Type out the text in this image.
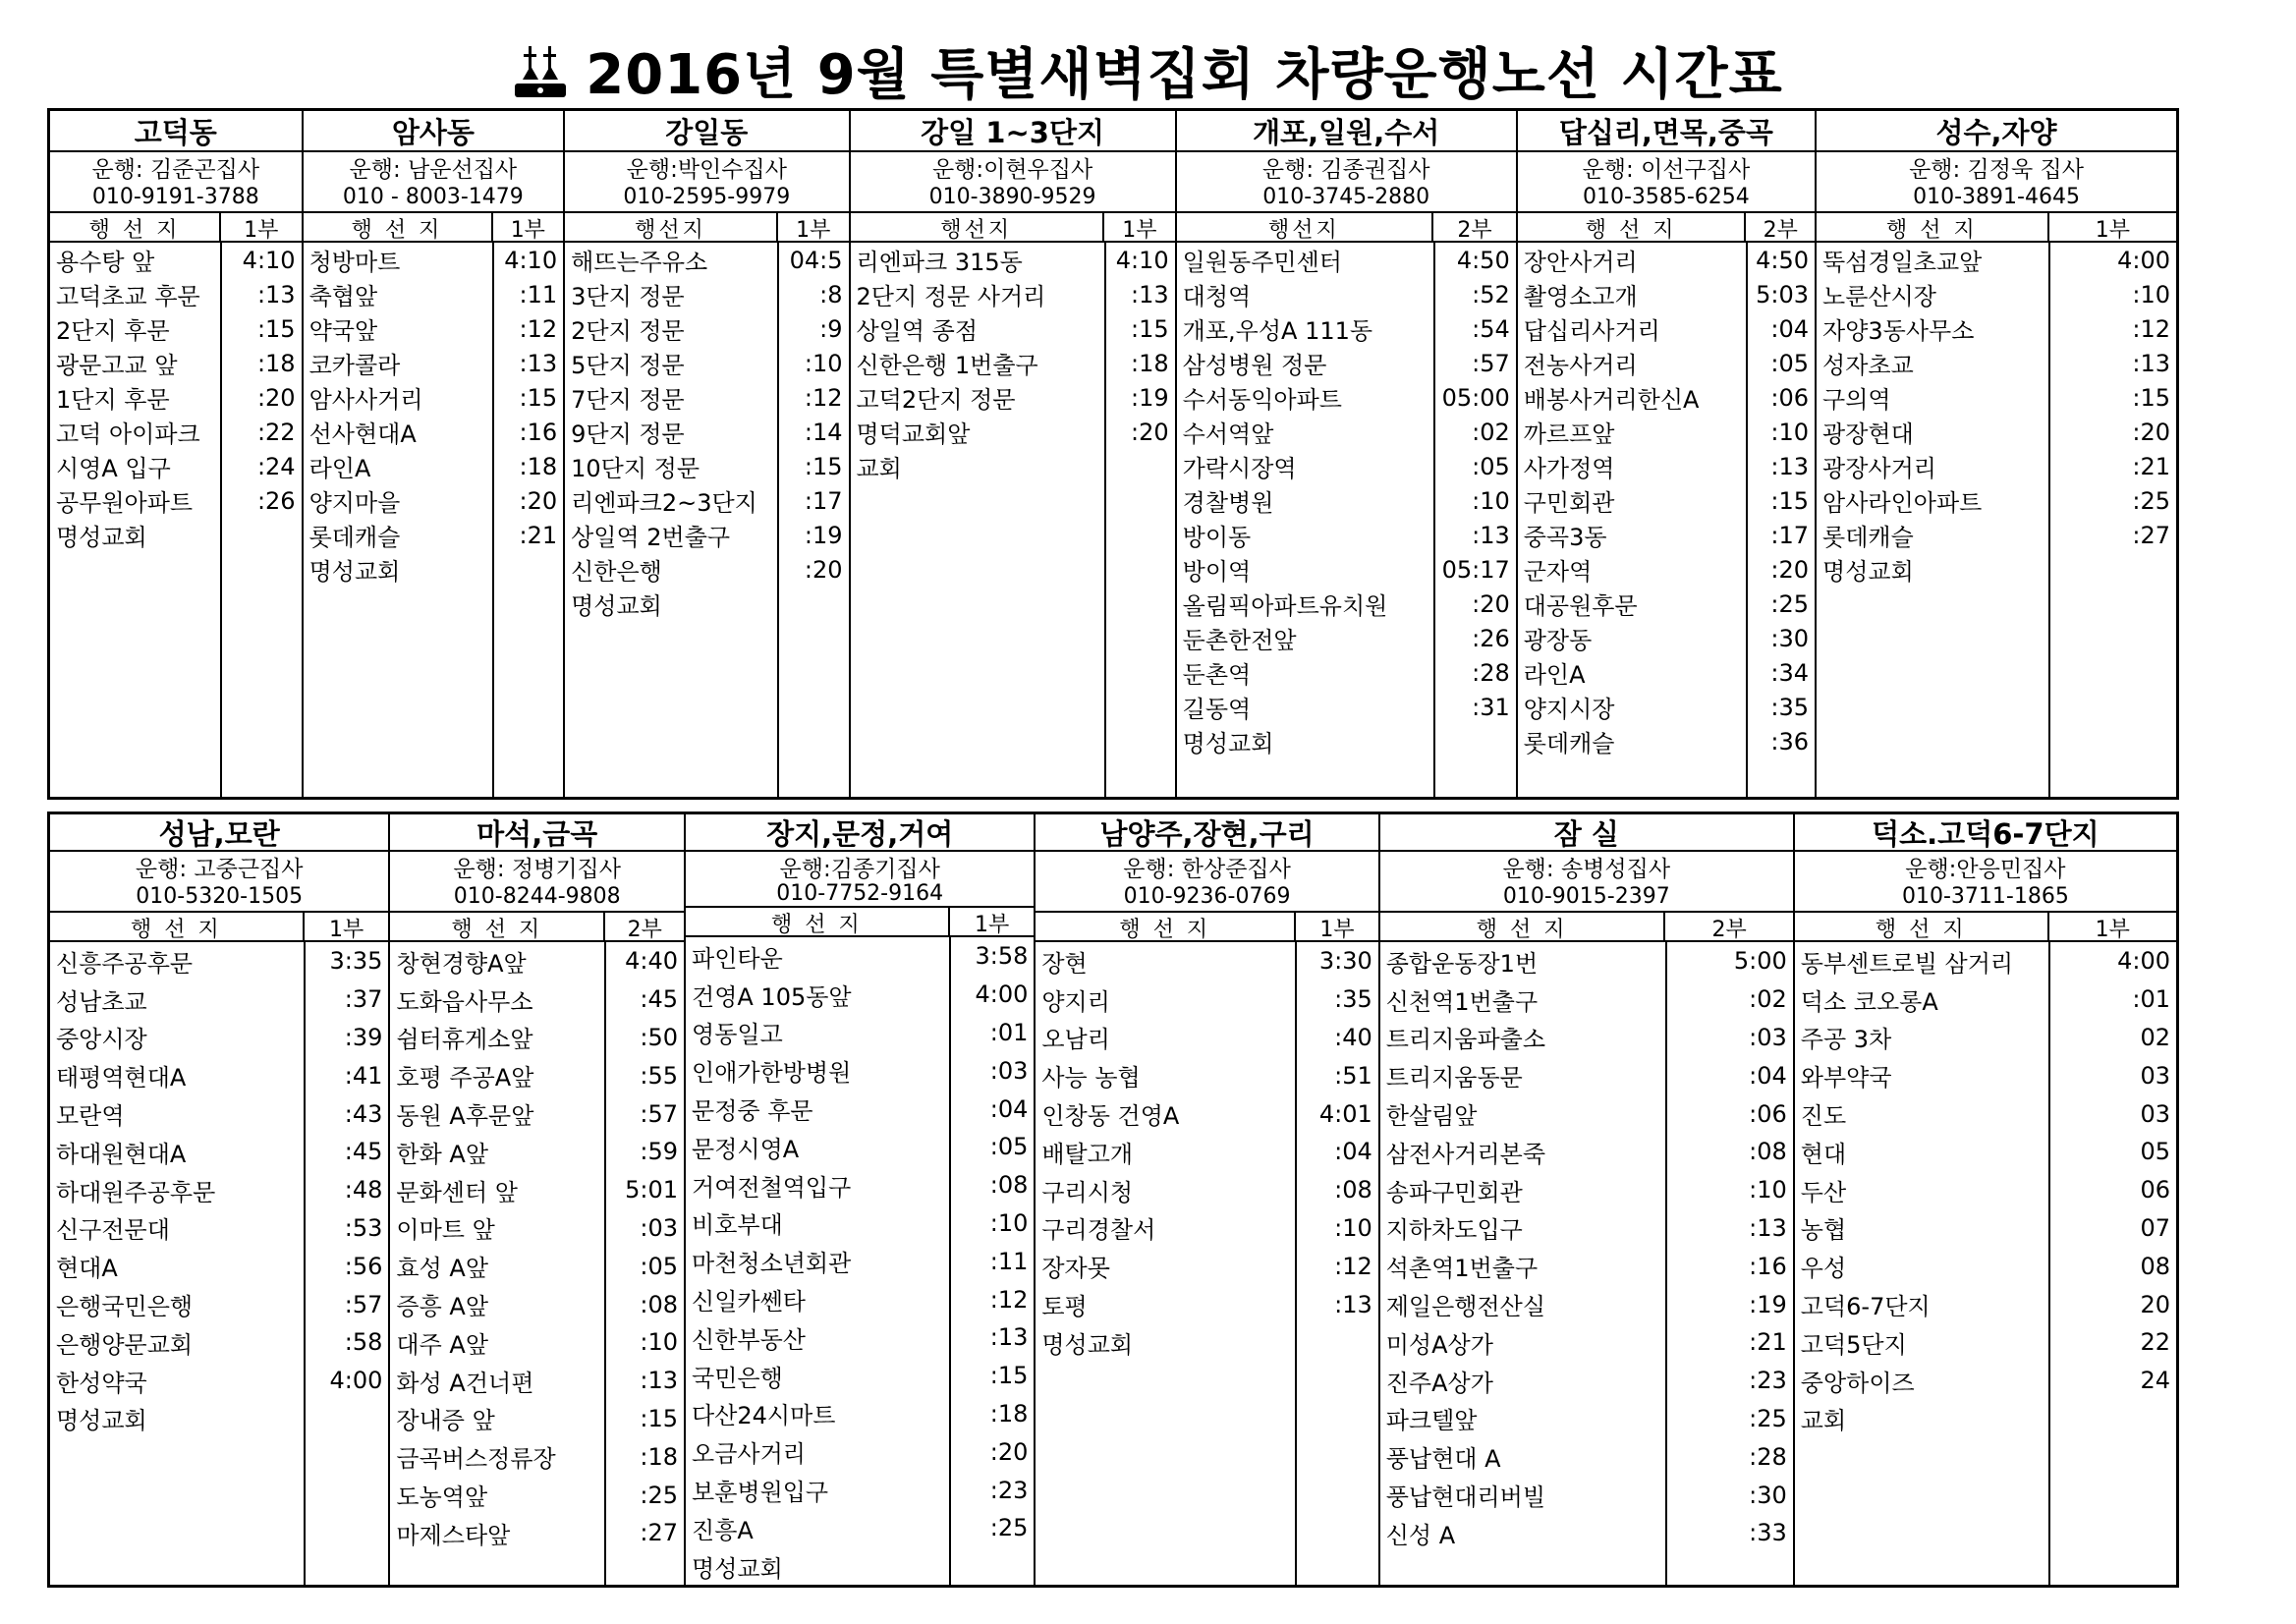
2016년 9월 특별새벽집회 차량운행노선 시간표
고덕동
운행: 김준곤집사
010-9191-3788
행 선 지	1부
용수탕 앞	4:10
고덕초교 후문	:13
2단지 후문	:15
광문고교 앞	:18
1단지 후문	:20
고덕 아이파크	:22
시영A 입구	:24
공무원아파트	:26
명성교회
암사동
운행: 남운선집사
010 - 8003-1479
행 선 지	1부
청방마트	4:10
축협앞	:11
약국앞	:12
코카콜라	:13
암사사거리	:15
선사현대A	:16
라인A	:18
양지마을	:20
롯데캐슬	:21
명성교회
강일동
운행:박인수집사
010-2595-9979
행선지	1부
해뜨는주유소	04:5
3단지 정문	:8
2단지 정문	:9
5단지 정문	:10
7단지 정문	:12
9단지 정문	:14
10단지 정문	:15
리엔파크2~3단지	:17
상일역 2번출구	:19
신한은행	:20
명성교회
강일 1~3단지
운행:이현우집사
010-3890-9529
행선지	1부
리엔파크 315동	4:10
2단지 정문 사거리	:13
상일역 종점	:15
신한은행 1번출구	:18
고덕2단지 정문	:19
명덕교회앞	:20
교회
개포,일원,수서
운행: 김종권집사
010-3745-2880
행선지	2부
일원동주민센터	4:50
대청역	:52
개포,우성A 111동	:54
삼성병원 정문	:57
수서동익아파트	05:00
수서역앞	:02
가락시장역	:05
경찰병원	:10
방이동	:13
방이역	05:17
올림픽아파트유치원	:20
둔촌한전앞	:26
둔촌역	:28
길동역	:31
명성교회
답십리,면목,중곡
운행: 이선구집사
010-3585-6254
행 선 지	2부
장안사거리	4:50
촬영소고개	5:03
답십리사거리	:04
전농사거리	:05
배봉사거리한신A	:06
까르프앞	:10
사가정역	:13
구민회관	:15
중곡3동	:17
군자역	:20
대공원후문	:25
광장동	:30
라인A	:34
양지시장	:35
롯데캐슬	:36
성수,자양
운행: 김정욱 집사
010-3891-4645
행 선 지	1부
뚝섬경일초교앞	4:00
노룬산시장	:10
자양3동사무소	:12
성자초교	:13
구의역	:15
광장현대	:20
광장사거리	:21
암사라인아파트	:25
롯데캐슬	:27
명성교회
성남,모란
운행: 고중근집사
010-5320-1505
행 선 지	1부
신흥주공후문	3:35
성남초교	:37
중앙시장	:39
태평역현대A	:41
모란역	:43
하대원현대A	:45
하대원주공후문	:48
신구전문대	:53
현대A	:56
은행국민은행	:57
은행양문교회	:58
한성약국	4:00
명성교회
마석,금곡
운행: 정병기집사
010-8244-9808
행 선 지	2부
창현경향A앞	4:40
도화읍사무소	:45
쉼터휴게소앞	:50
호평 주공A앞	:55
동원 A후문앞	:57
한화 A앞	:59
문화센터 앞	5:01
이마트 앞	:03
효성 A앞	:05
증흥 A앞	:08
대주 A앞	:10
화성 A건너편	:13
장내증 앞	:15
금곡버스정류장	:18
도농역앞	:25
마제스타앞	:27
장지,문정,거여
운행:김종기집사
010-7752-9164
행 선 지	1부
파인타운	3:58
건영A 105동앞	4:00
영동일고	:01
인애가한방병원	:03
문정중 후문	:04
문정시영A	:05
거여전철역입구	:08
비호부대	:10
마천청소년회관	:11
신일카쎈타	:12
신한부동산	:13
국민은행	:15
다산24시마트	:18
오금사거리	:20
보훈병원입구	:23
진흥A	:25
명성교회
남양주,장현,구리
운행: 한상준집사
010-9236-0769
행 선 지	1부
장현	3:30
양지리	:35
오남리	:40
사능 농협	:51
인창동 건영A	4:01
배탈고개	:04
구리시청	:08
구리경찰서	:10
장자못	:12
토평	:13
명성교회
잠 실
운행: 송병성집사
010-9015-2397
행 선 지	2부
종합운동장1번	5:00
신천역1번출구	:02
트리지움파출소	:03
트리지움동문	:04
한살림앞	:06
삼전사거리본죽	:08
송파구민회관	:10
지하차도입구	:13
석촌역1번출구	:16
제일은행전산실	:19
미성A상가	:21
진주A상가	:23
파크텔앞	:25
풍납현대 A	:28
풍납현대리버빌	:30
신성 A	:33
덕소.고덕6-7단지
운행:안응민집사
010-3711-1865
행 선 지	1부
동부센트로빌 삼거리	4:00
덕소 코오롱A	:01
주공 3차	02
와부약국	03
진도	03
현대	05
두산	06
농협	07
우성	08
고덕6-7단지	20
고덕5단지	22
중앙하이즈	24
교회
